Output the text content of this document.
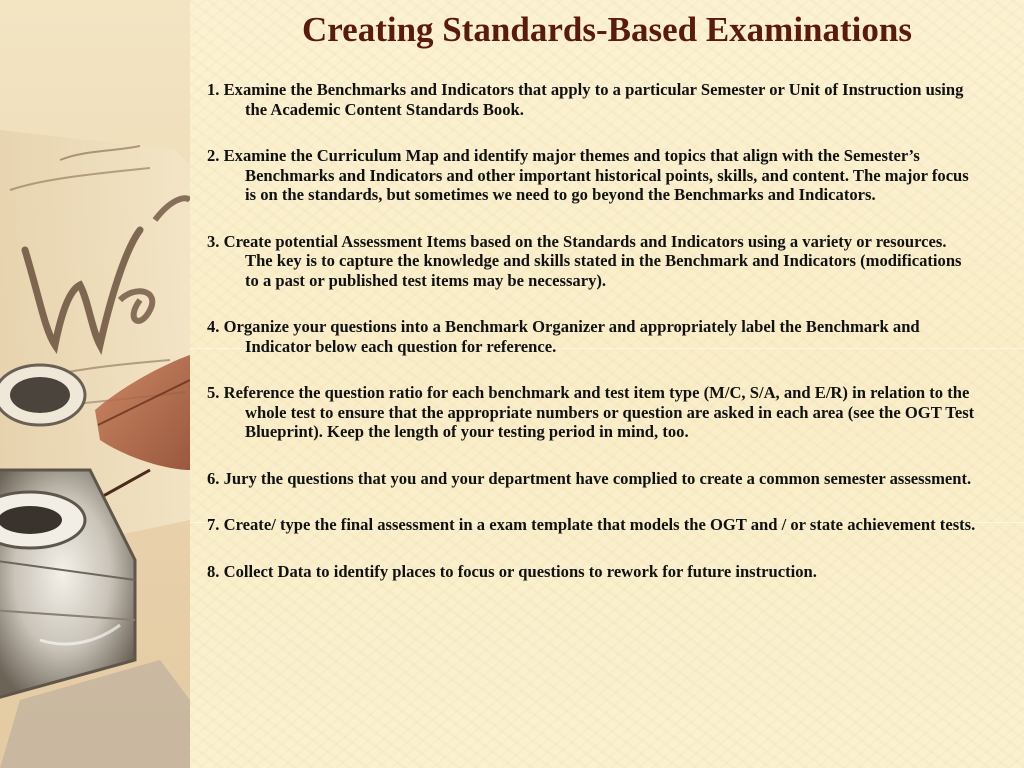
Creating Standards-Based Examinations
1. Examine the Benchmarks and Indicators that apply to a particular Semester or Unit of Instruction using the Academic Content Standards Book.
2. Examine the Curriculum Map and identify major themes and topics that align with the Semester’s Benchmarks and Indicators and other important historical points, skills, and content. The major focus is on the standards, but sometimes we need to go beyond the Benchmarks and Indicators.
3. Create potential Assessment Items based on the Standards and Indicators using a variety or resources. The key is to capture the knowledge and skills stated in the Benchmark and Indicators (modifications to a past or published test items may be necessary).
4. Organize your questions into a Benchmark Organizer and appropriately label the Benchmark and Indicator below each question for reference.
5. Reference the question ratio for each benchmark and test item type (M/C, S/A, and E/R) in relation to the whole test to ensure that the appropriate numbers or question are asked in each area (see the OGT Test Blueprint). Keep the length of your testing period in mind, too.
6. Jury the questions that you and your department have complied to create a common semester assessment.
7. Create/ type the final assessment in a exam template that models the OGT and / or state achievement tests.
8. Collect Data to identify places to focus or questions to rework for future instruction.
